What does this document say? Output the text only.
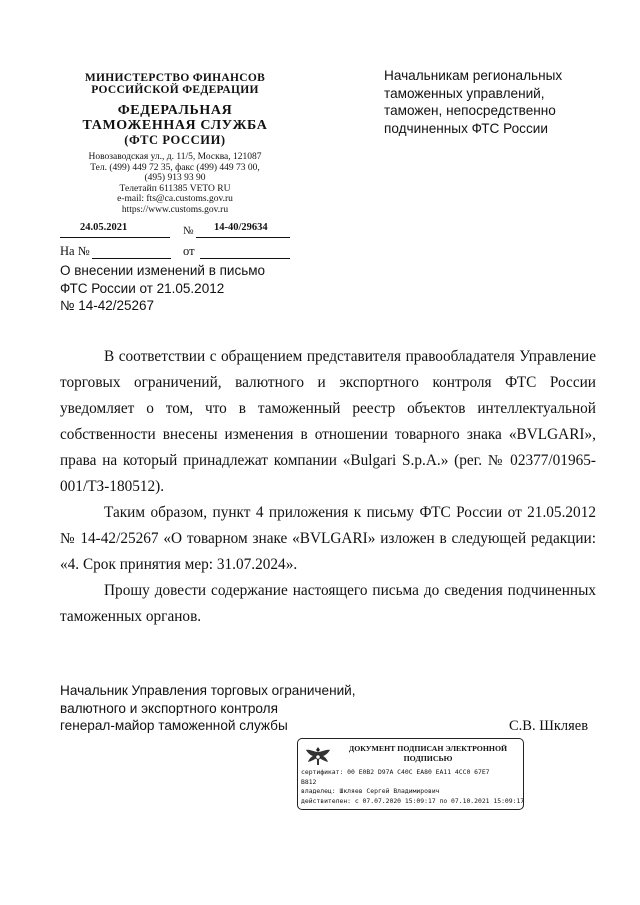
МИНИСТЕРСТВО ФИНАНСОВ
РОССИЙСКОЙ ФЕДЕРАЦИИ
ФЕДЕРАЛЬНАЯ
ТАМОЖЕННАЯ СЛУЖБА
(ФТС РОССИИ)
Новозаводская ул., д. 11/5, Москва, 121087
Тел. (499) 449 72 35, факс (499) 449 73 00,
(495) 913 93 90
Телетайп 611385 VETO RU
e-mail: fts@ca.customs.gov.ru
https://www.customs.gov.ru
24.05.2021	№ 14-40/29634
На №	от
Начальникам региональных
таможенных управлений,
таможен, непосредственно
подчиненных ФТС России
О внесении изменений в письмо
ФТС России от 21.05.2012
№ 14-42/25267

В соответствии с обращением представителя правообладателя Управление торговых ограничений, валютного и экспортного контроля ФТС России уведомляет о том, что в таможенный реестр объектов интеллектуальной собственности внесены изменения в отношении товарного знака «BVLGARI», права на который принадлежат компании «Bulgari S.p.A.» (рег. № 02377/01965-001/ТЗ-180512).

Таким образом, пункт 4 приложения к письму ФТС России от 21.05.2012 № 14-42/25267 «О товарном знаке «BVLGARI» изложен в следующей редакции: «4. Срок принятия мер: 31.07.2024».

Прошу довести содержание настоящего письма до сведения подчиненных таможенных органов.

Начальник Управления торговых ограничений,
валютного и экспортного контроля
генерал-майор таможенной службы	С.В. Шкляев
ДОКУМЕНТ ПОДПИСАН ЭЛЕКТРОННОЙ ПОДПИСЬЮ
сертификат: 00 E0B2 D97A C40C EA80 EA11 4CC0 67E7
B812
владелец: Шкляев Сергей Владимирович
действителен: с 07.07.2020 15:09:17 по 07.10.2021 15:09:17
